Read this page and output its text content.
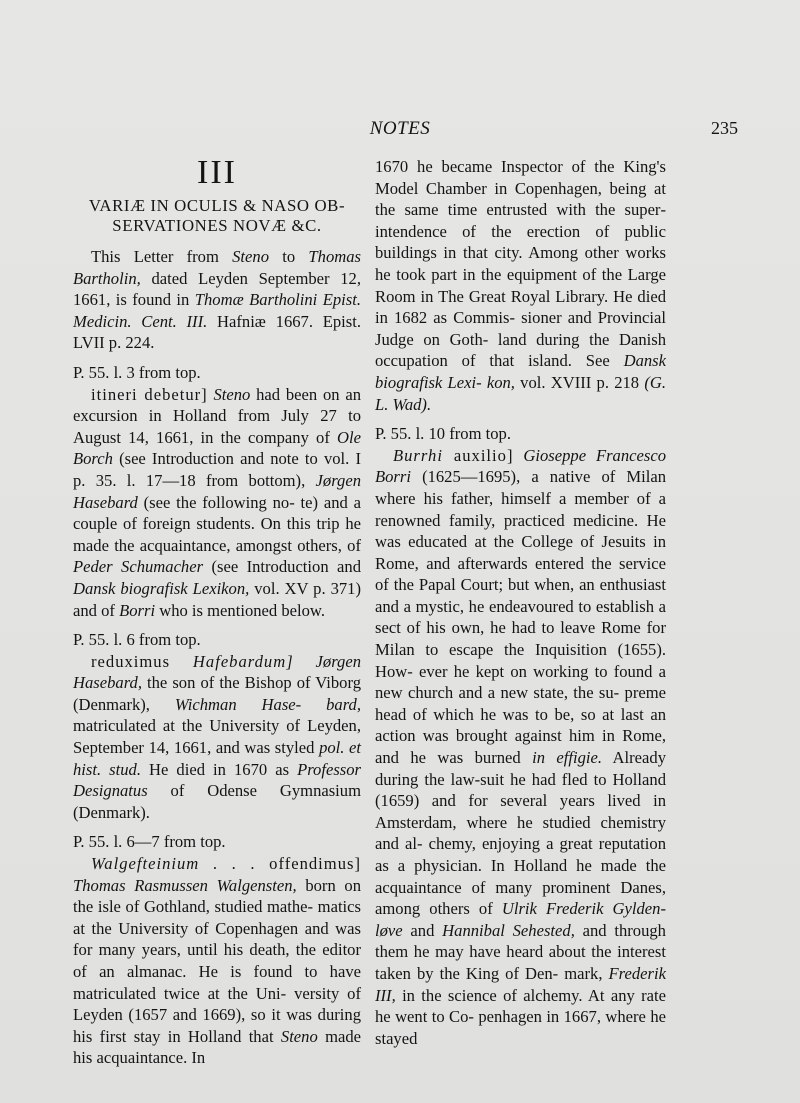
NOTES	235
III
VARIÆ IN OCULIS & NASO OB‑
SERVATIONES NOVÆ &C.

This Letter from Steno to Thomas Bartholin, dated Leyden September 12, 1661, is found in Thomæ Bartholini Epist. Medicin. Cent. III. Hafniæ 1667. Epist. LVII p. 224.

P. 55. l. 3 from top.

itineri debetur] Steno had been on an excursion in Holland from July 27 to August 14, 1661, in the company of Ole Borch (see Introduction and note to vol. I p. 35. l. 17—18 from bottom), Jørgen Hasebard (see the following no‑ te) and a couple of foreign students. On this trip he made the acquaintance, amongst others, of Peder Schumacher (see Introduction and Dansk biografisk Lexikon, vol. XV p. 371) and of Borri who is mentioned below.

P. 55. l. 6 from top.

reduximus Hafebardum] Jørgen Hasebard, the son of the Bishop of Viborg (Denmark), Wichman Hase‑ bard, matriculated at the University of Leyden, September 14, 1661, and was styled pol. et hist. stud. He died in 1670 as Professor Designatus of Odense Gymnasium (Denmark).

P. 55. l. 6—7 from top.

Walgefteinium . . . offendimus] Thomas Rasmussen Walgensten, born on the isle of Gothland, studied mathe‑ matics at the University of Copenhagen and was for many years, until his death, the editor of an almanac. He is found to have matriculated twice at the Uni‑ versity of Leyden (1657 and 1669), so it was during his first stay in Holland that Steno made his acquaintance. In

1670 he became Inspector of the King's Model Chamber in Copenhagen, being at the same time entrusted with the super‑ intendence of the erection of public buildings in that city. Among other works he took part in the equipment of the Large Room in The Great Royal Library. He died in 1682 as Commis‑ sioner and Provincial Judge on Goth‑ land during the Danish occupation of that island. See Dansk biografisk Lexi‑ kon, vol. XVIII p. 218 (G. L. Wad).

P. 55. l. 10 from top.

Burrhi auxilio] Gioseppe Francesco Borri (1625—1695), a native of Milan where his father, himself a member of a renowned family, practiced medicine. He was educated at the College of Jesuits in Rome, and afterwards entered the service of the Papal Court; but when, an enthusiast and a mystic, he endeavoured to establish a sect of his own, he had to leave Rome for Milan to escape the Inquisition (1655). How‑ ever he kept on working to found a new church and a new state, the su‑ preme head of which he was to be, so at last an action was brought against him in Rome, and he was burned in effigie. Already during the law‑suit he had fled to Holland (1659) and for several years lived in Amsterdam, where he studied chemistry and al‑ chemy, enjoying a great reputation as a physician. In Holland he made the acquaintance of many prominent Danes, among others of Ulrik Frederik Gylden‑ løve and Hannibal Sehested, and through them he may have heard about the interest taken by the King of Den‑ mark, Frederik III, in the science of alchemy. At any rate he went to Co‑ penhagen in 1667, where he stayed
